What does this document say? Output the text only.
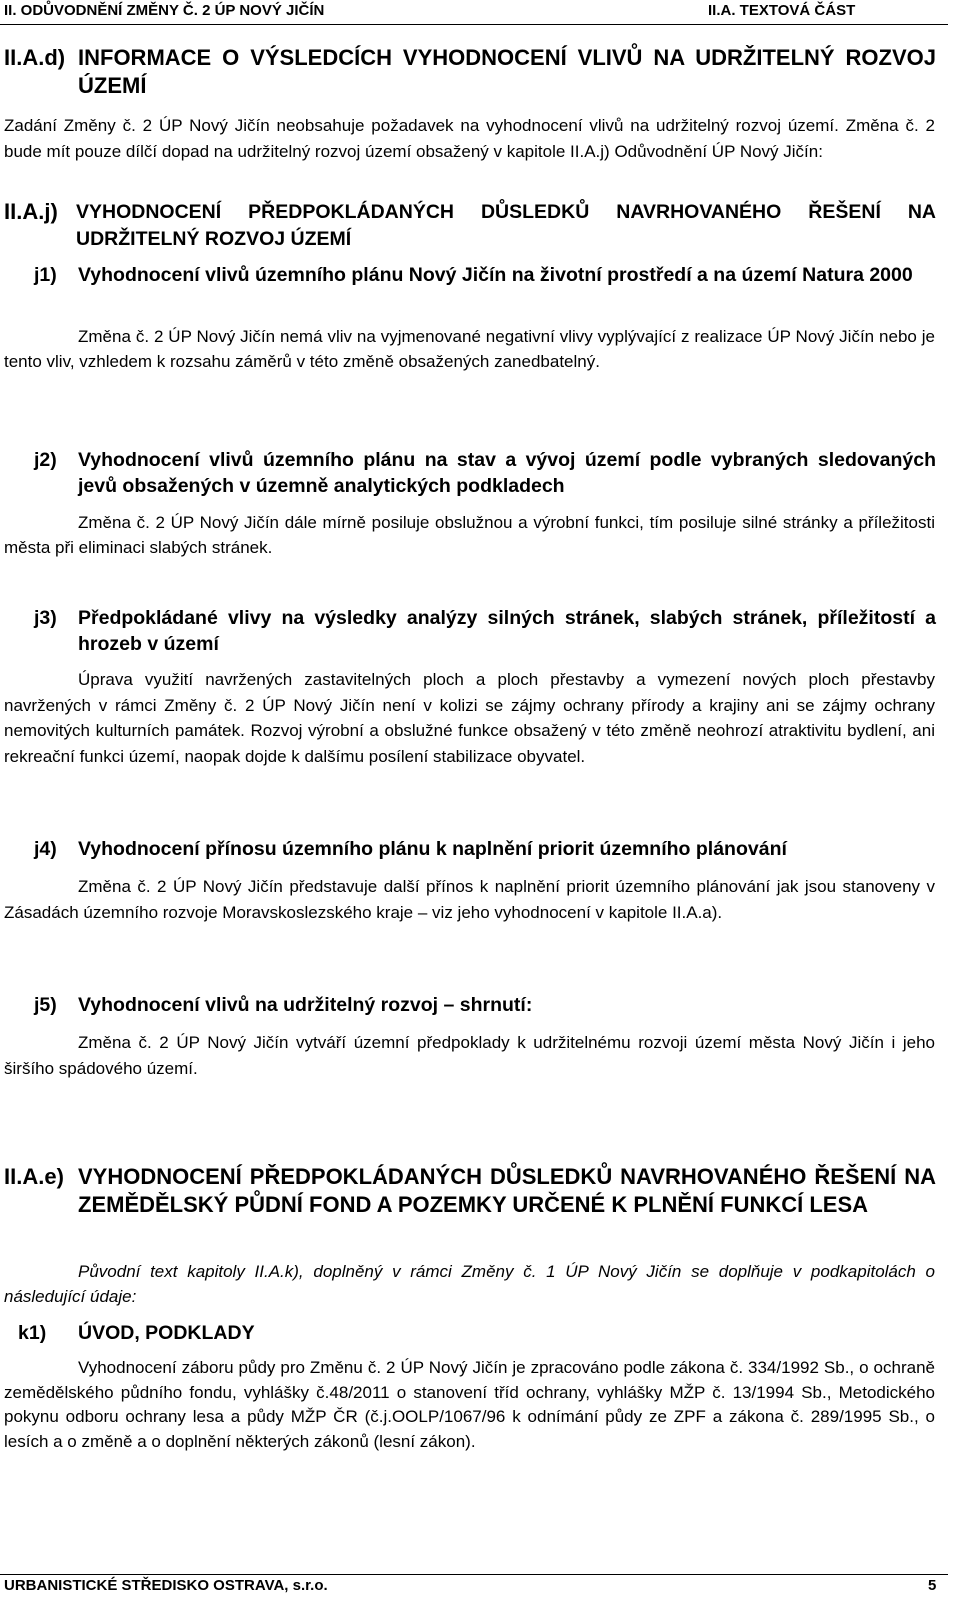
II. ODŮVODNĚNÍ ZMĚNY Č. 2 ÚP NOVÝ JIČÍN	II.A. TEXTOVÁ ČÁST
II.A.d) INFORMACE O VÝSLEDCÍCH VYHODNOCENÍ VLIVŮ NA UDRŽITELNÝ ROZVOJ ÚZEMÍ
Zadání Změny č. 2 ÚP Nový Jičín neobsahuje požadavek na vyhodnocení vlivů na udržitelný rozvoj území. Změna č. 2 bude mít pouze dílčí dopad na udržitelný rozvoj území obsažený v kapitole II.A.j) Odůvodnění ÚP Nový Jičín:
II.A.j) VYHODNOCENÍ PŘEDPOKLÁDANÝCH DŮSLEDKŮ NAVRHOVANÉHO ŘEŠENÍ NA UDRŽITELNÝ ROZVOJ ÚZEMÍ
j1) Vyhodnocení vlivů územního plánu Nový Jičín na životní prostředí a na území Natura 2000
Změna č. 2 ÚP Nový Jičín nemá vliv na vyjmenované negativní vlivy vyplývající z realizace ÚP Nový Jičín nebo je tento vliv, vzhledem k rozsahu záměrů v této změně obsažených zanedbatelný.
j2) Vyhodnocení vlivů územního plánu na stav a vývoj území podle vybraných sledovaných jevů obsažených v územně analytických podkladech
Změna č. 2 ÚP Nový Jičín dále mírně posiluje obslužnou a výrobní funkci, tím posiluje silné stránky a příležitosti města při eliminaci slabých stránek.
j3) Předpokládané vlivy na výsledky analýzy silných stránek, slabých stránek, příležitostí a hrozeb v území
Úprava využití navržených zastavitelných ploch a ploch přestavby a vymezení nových ploch přestavby navržených v rámci Změny č. 2 ÚP Nový Jičín není v kolizi se zájmy ochrany přírody a krajiny ani se zájmy ochrany nemovitých kulturních památek. Rozvoj výrobní a obslužné funkce obsažený v této změně neohrozí atraktivitu bydlení, ani rekreační funkci území, naopak dojde k dalšímu posílení stabilizace obyvatel.
j4) Vyhodnocení přínosu územního plánu k naplnění priorit územního plánování
Změna č. 2 ÚP Nový Jičín představuje další přínos k naplnění priorit územního plánování jak jsou stanoveny v Zásadách územního rozvoje Moravskoslezského kraje – viz jeho vyhodnocení v kapitole II.A.a).
j5) Vyhodnocení vlivů na udržitelný rozvoj – shrnutí:
Změna č. 2 ÚP Nový Jičín vytváří územní předpoklady k udržitelnému rozvoji území města Nový Jičín i jeho širšího spádového území.
II.A.e) VYHODNOCENÍ PŘEDPOKLÁDANÝCH DŮSLEDKŮ NAVRHOVANÉHO ŘEŠENÍ NA ZEMĚDĚLSKÝ PŮDNÍ FOND A POZEMKY URČENÉ K PLNĚNÍ FUNKCÍ LESA
Původní text kapitoly II.A.k), doplněný v rámci Změny č. 1 ÚP Nový Jičín se doplňuje v podkapitolách o následující údaje:
k1) ÚVOD, PODKLADY
Vyhodnocení záboru půdy pro Změnu č. 2 ÚP Nový Jičín je zpracováno podle zákona č. 334/1992 Sb., o ochraně zemědělského půdního fondu, vyhlášky č.48/2011 o stanovení tříd ochrany, vyhlášky MŽP č. 13/1994 Sb., Metodického pokynu odboru ochrany lesa a půdy MŽP ČR (č.j.OOLP/1067/96 k odnímání půdy ze ZPF a zákona č. 289/1995 Sb., o lesích a o změně a o doplnění některých zákonů (lesní zákon).
URBANISTICKÉ STŘEDISKO OSTRAVA, s.r.o.	5
